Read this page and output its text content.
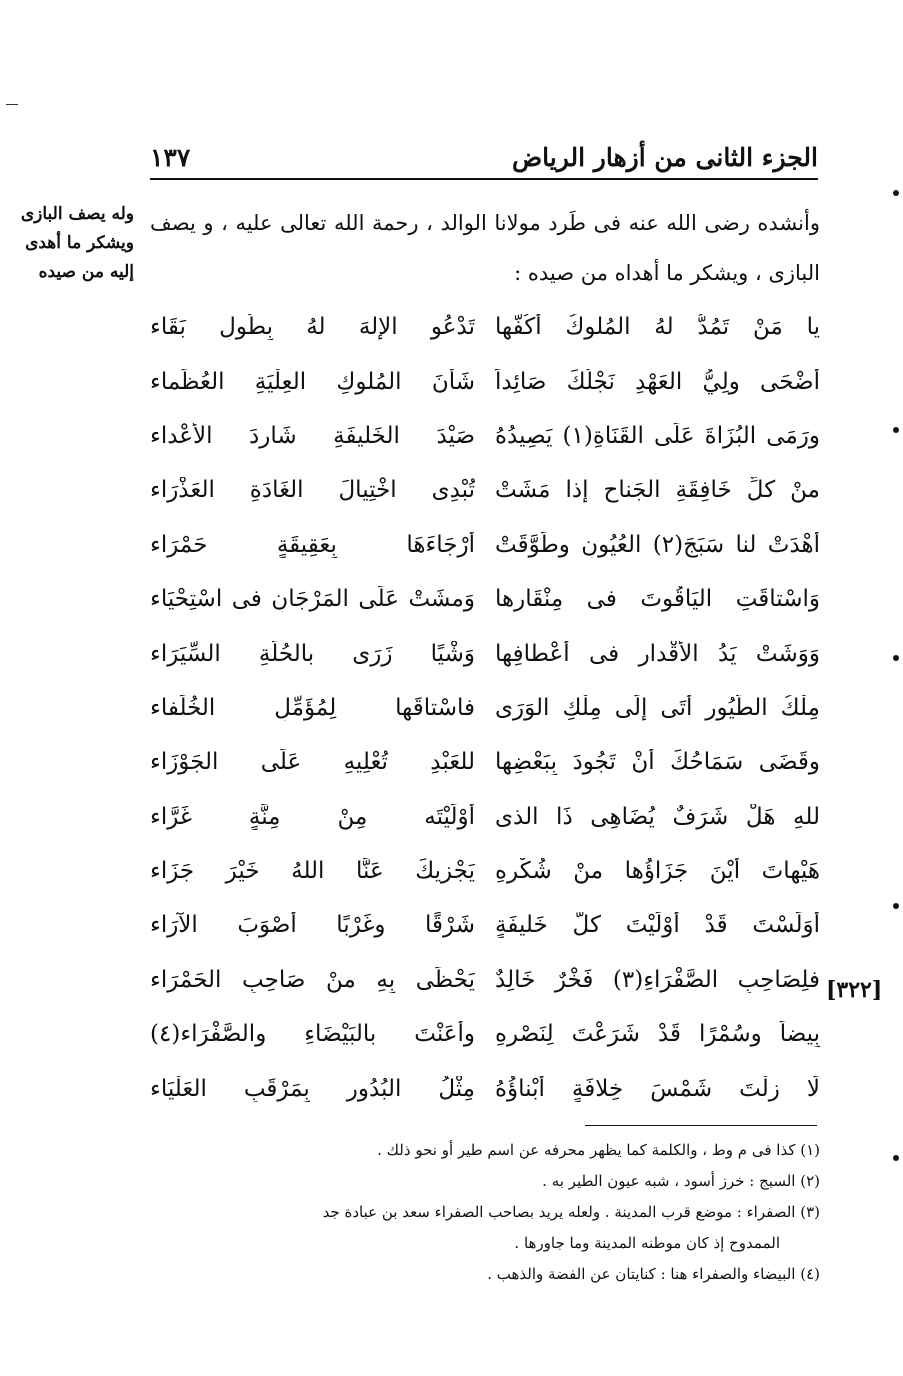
الجزء الثانى من أزهار الرياض
١٣٧
وله يصف البازى
ويشكر ما أهدى
إليه من صيده
وأنشده رضى الله عنه فى طَرد مولانا الوالد ، رحمة الله تعالى عليه ، و يصف
البازى ، ويشكر ما أهداه من صيده :
يا مَنْ تَمُدُّ لهُ المُلوكُ أكُفَّها
تَدْعُو الإلهَ لهُ بِطُولِ بَقَاء
أضْحَى ولِيُّ العَهْدِ نَجْلُكَ صَائِداً
شَأْنَ المُلوكِ العِلْيَةِ العُظَماء
ورَمَى البُزَاةَ عَلَى القَنَاةِ(١) يَصِيدُهُ
صَيْدَ الخَليفَةِ شَارِدَ الأعْداء
منْ كلِّ خَافِقَةِ الجَناحِ إذا مَشَتْ
تُبْدِى اخْتِيالَ الغَادَةِ العَذْرَاء
أهْدَتْ لنا سَبَجَ(٢) العُيُونِ وطَوَّقَتْ
أرْجَاءَهَا بِعَقِيقَةٍ حَمْرَاء
وَاسْتاقَتِ اليَاقُوتَ فى مِنْقَارِها
وَمشَتْ عَلَى المَرْجَانِ فى اسْتِحْيَاء
وَوَشَتْ يَدُ الأقْدارِ فى أعْطافِها
وَشْيًا زَرَى بالحُلَّةِ السِّيَرَاء
مِلْكُ الطُّيُورِ أتَى إلَى مِلْكِ الوَرَى
فاسْتاقَها لِمُؤَمِّلِ الخُلَفاء
وقَضَى سَمَاحُكَ أنْ تَجُودَ بِبَعْضِها
للعَبْدِ تُعْلِيهِ عَلَى الجَوْزَاء
للهِ هَلْ شَرَفٌ يُضَاهِى ذَا الذى
أوْلَيْتَه مِنْ مِنَّةٍ غَرَّاء
هَيْهاتَ أيْنَ جَزَاؤُها منْ شُكْرِهِ
يَجْزِيكَ عَنَّا اللهُ خَيْرَ جَزَاء
أوَلَسْتَ قَدْ أوْلَيْتَ كلَّ خَليفَةٍ
شَرْقًا وغَرْبًا أصْوَبَ الآرَاء
فلِصَاحِبِ الصَّفْرَاءِ(٣) فَخْرٌ خَالِدٌ
يَحْظَى بِهِ منْ صَاحِبِ الحَمْرَاء
بِيضاً وسُمْرًا قَدْ شَرَعْتَ لِنَصْرِهِ
وأعَنْتَ بالبَيْضَاءِ والصَّفْرَاء(٤)
لَا زِلْتَ شَمْسَ خِلافَةٍ أبْناؤُهُ
مِثْلُ البُدُورِ بِمَرْقَبِ العَلْيَاء
[٣٢٢]
(١) كذا فى م وط ، والكلمة كما يظهر محرفه عن اسم طير أو نحو ذلك .
(٢) السبج : خرز أسود ، شبه عيون الطير به .
(٣) الصفراء : موضع قرب المدينة . ولعله يريد بصاحب الصفراء سعد بن عبادة جد
الممدوح إذ كان موطنه المدينة وما جاورها .
(٤) البيضاء والصفراء هنا : كنايتان عن الفضة والذهب .
